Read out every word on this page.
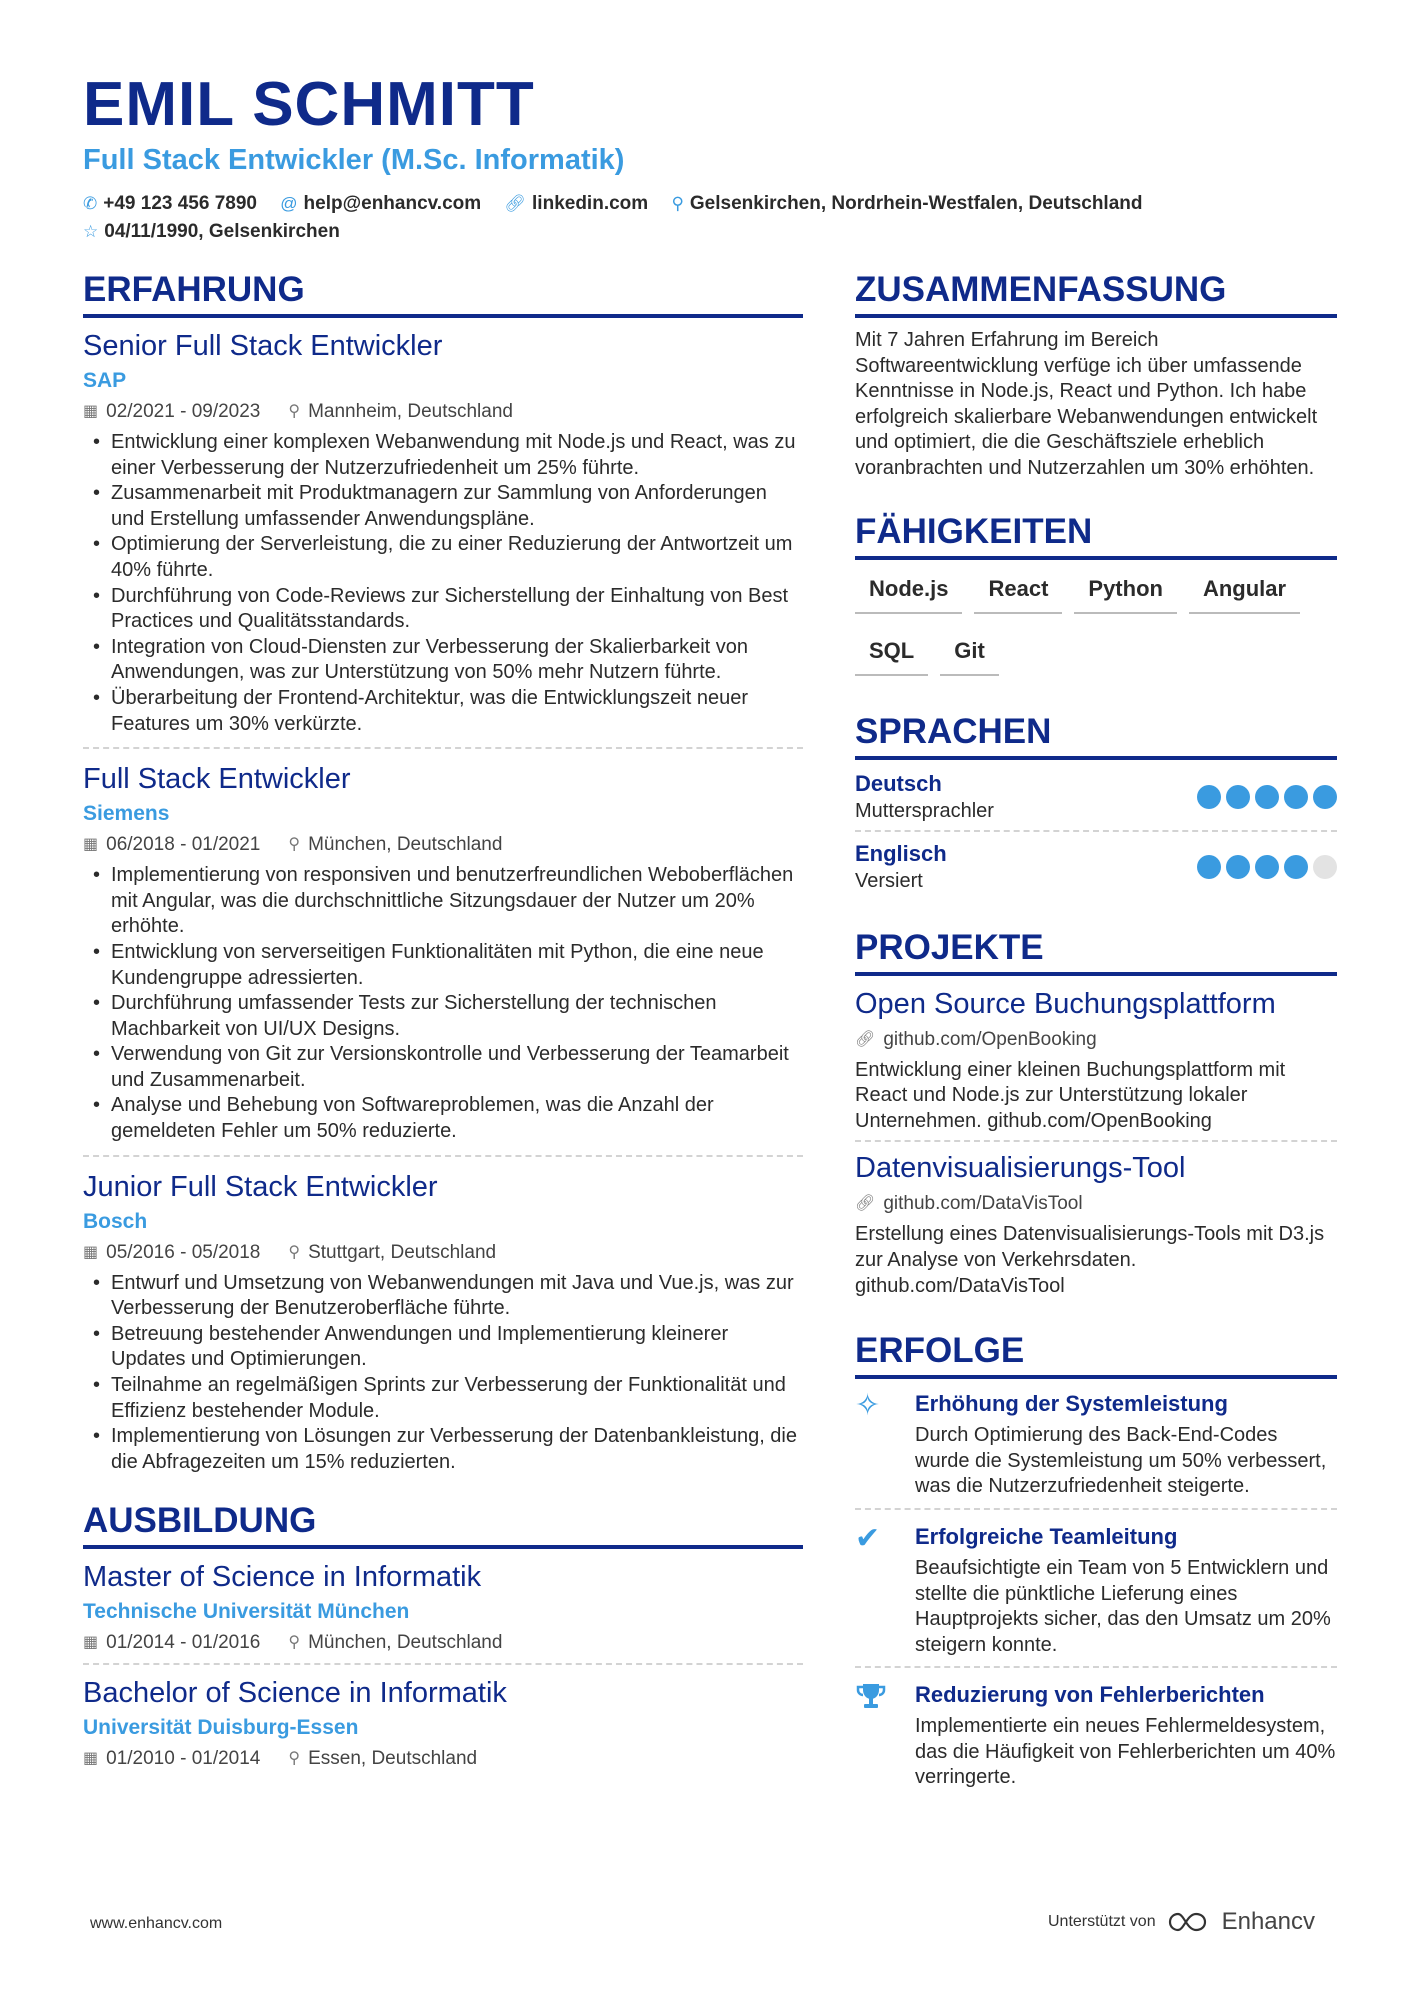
EMIL SCHMITT
Full Stack Entwickler (M.Sc. Informatik)
✆ +49 123 456 7890
@ help@enhancv.com
🔗︎ linkedin.com
⚲ Gelsenkirchen, Nordrhein-Westfalen, Deutschland

☆ 04/11/1990, Gelsenkirchen
ERFAHRUNG
Senior Full Stack Entwickler
SAP
▦ 02/2021 - 09/2023 ⚲ Mannheim, Deutschland
• Entwicklung einer komplexen Webanwendung mit Node.js und React, was zu einer Verbesserung der Nutzerzufriedenheit um 25% führte.
• Zusammenarbeit mit Produktmanagern zur Sammlung von Anforderungen und Erstellung umfassender Anwendungspläne.
• Optimierung der Serverleistung, die zu einer Reduzierung der Antwortzeit um 40% führte.
• Durchführung von Code-Reviews zur Sicherstellung der Einhaltung von Best Practices und Qualitätsstandards.
• Integration von Cloud-Diensten zur Verbesserung der Skalierbarkeit von Anwendungen, was zur Unterstützung von 50% mehr Nutzern führte.
• Überarbeitung der Frontend-Architektur, was die Entwicklungszeit neuer Features um 30% verkürzte.
Full Stack Entwickler
Siemens
▦ 06/2018 - 01/2021 ⚲ München, Deutschland
• Implementierung von responsiven und benutzerfreundlichen Weboberflächen mit Angular, was die durchschnittliche Sitzungsdauer der Nutzer um 20% erhöhte.
• Entwicklung von serverseitigen Funktionalitäten mit Python, die eine neue Kundengruppe adressierten.
• Durchführung umfassender Tests zur Sicherstellung der technischen Machbarkeit von UI/UX Designs.
• Verwendung von Git zur Versionskontrolle und Verbesserung der Teamarbeit und Zusammenarbeit.
• Analyse und Behebung von Softwareproblemen, was die Anzahl der gemeldeten Fehler um 50% reduzierte.
Junior Full Stack Entwickler
Bosch
▦ 05/2016 - 05/2018 ⚲ Stuttgart, Deutschland
• Entwurf und Umsetzung von Webanwendungen mit Java und Vue.js, was zur Verbesserung der Benutzeroberfläche führte.
• Betreuung bestehender Anwendungen und Implementierung kleinerer Updates und Optimierungen.
• Teilnahme an regelmäßigen Sprints zur Verbesserung der Funktionalität und Effizienz bestehender Module.
• Implementierung von Lösungen zur Verbesserung der Datenbankleistung, die die Abfragezeiten um 15% reduzierten.
AUSBILDUNG
Master of Science in Informatik
Technische Universität München
▦ 01/2014 - 01/2016 ⚲ München, Deutschland
Bachelor of Science in Informatik
Universität Duisburg-Essen
▦ 01/2010 - 01/2014 ⚲ Essen, Deutschland
ZUSAMMENFASSUNG
Mit 7 Jahren Erfahrung im Bereich Softwareentwicklung verfüge ich über umfassende Kenntnisse in Node.js, React und Python. Ich habe erfolgreich skalierbare Webanwendungen entwickelt und optimiert, die die Geschäftsziele erheblich voranbrachten und Nutzerzahlen um 30% erhöhten.
FÄHIGKEITEN
Node.js	React	Python	Angular
SQL	Git
SPRACHEN
Deutsch
Muttersprachler
Englisch
Versiert
PROJEKTE
Open Source Buchungsplattform
🔗︎ github.com/OpenBooking
Entwicklung einer kleinen Buchungsplattform mit React und Node.js zur Unterstützung lokaler Unternehmen. github.com/OpenBooking
Datenvisualisierungs-Tool
🔗︎ github.com/DataVisTool
Erstellung eines Datenvisualisierungs-Tools mit D3.js zur Analyse von Verkehrsdaten. github.com/DataVisTool
ERFOLGE
✧	Erhöhung der Systemleistung
Durch Optimierung des Back-End-Codes wurde die Systemleistung um 50% verbessert, was die Nutzerzufriedenheit steigerte.
✔	Erfolgreiche Teamleitung
Beaufsichtigte ein Team von 5 Entwicklern und stellte die pünktliche Lieferung eines Hauptprojekts sicher, das den Umsatz um 20% steigern konnte.
Reduzierung von Fehlerberichten
Implementierte ein neues Fehlermeldesystem, das die Häufigkeit von Fehlerberichten um 40% verringerte.
www.enhancv.com	Unterstützt von	Enhancv
